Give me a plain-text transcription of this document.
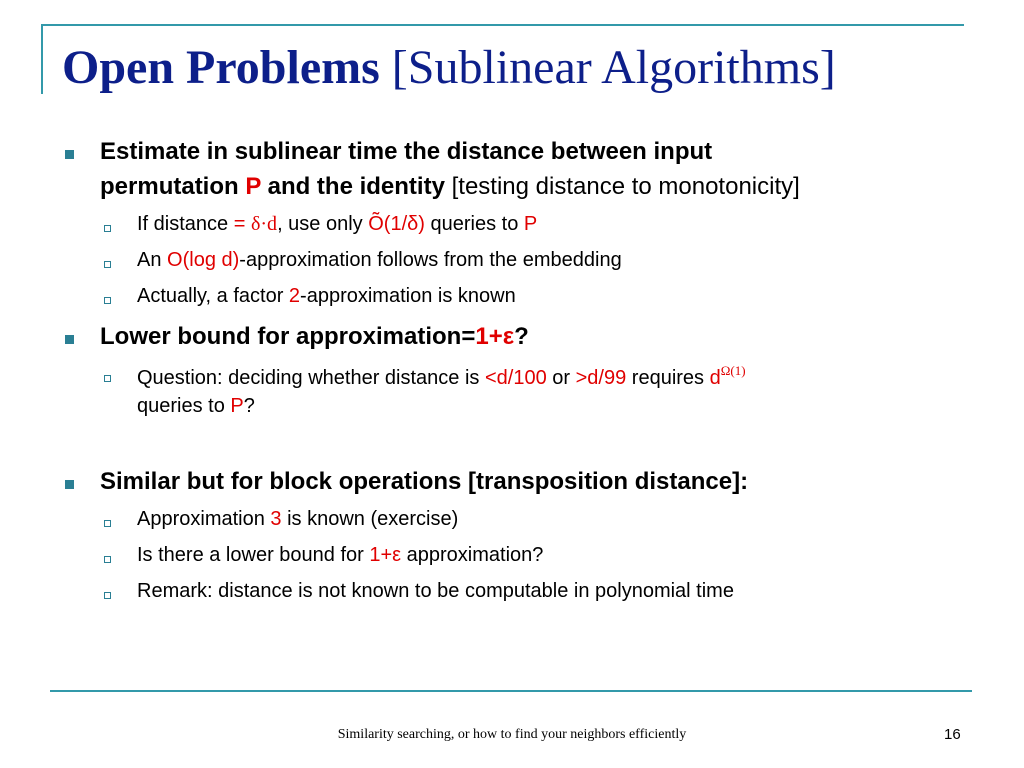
Open Problems [Sublinear Algorithms]
Estimate in sublinear time the distance between input
permutation P and the identity [testing distance to monotonicity]
If distance = δ·d, use only Õ(1/δ) queries to P
An O(log d)-approximation follows from the embedding
Actually, a factor 2-approximation is known
Lower bound for approximation=1+ε?
Question: deciding whether distance is <d/100 or >d/99 requires $d^{\Omega(1)}$
queries to P?
Similar but for block operations [transposition distance]:
Approximation 3 is known (exercise)
Is there a lower bound for 1+ε approximation?
Remark: distance is not known to be computable in polynomial time
Similarity searching, or how to find your neighbors efficiently	16
